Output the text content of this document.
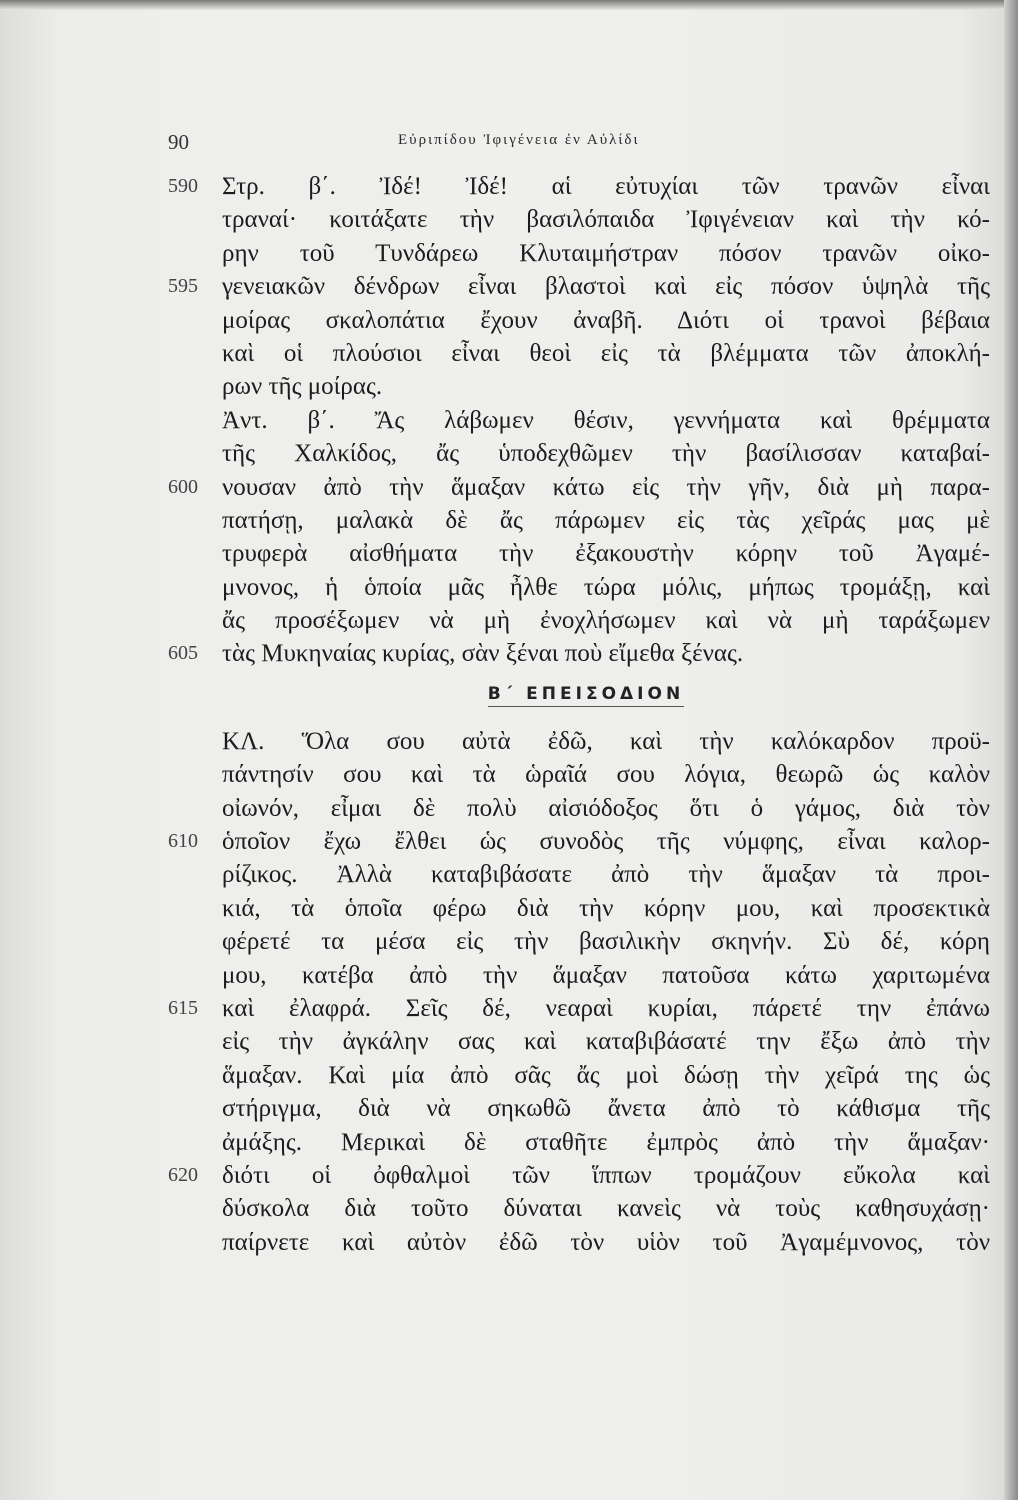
90	Εὐριπίδου Ἰφιγένεια ἐν Αὐλίδι
590 Στρ. β΄. Ἰδέ! Ἰδέ! αἱ εὐτυχίαι τῶν τρανῶν εἶναι
τραναί· κοιτάξατε τὴν βασιλόπαιδα Ἰφιγένειαν καὶ τὴν κό-
ρην τοῦ Τυνδάρεω Κλυταιμήστραν πόσον τρανῶν οἰκο-
595 γενειακῶν δένδρων εἶναι βλαστοὶ καὶ εἰς πόσον ὑψηλὰ τῆς
μοίρας σκαλοπάτια ἔχουν ἀναβῆ. Διότι οἱ τρανοὶ βέβαια
καὶ οἱ πλούσιοι εἶναι θεοὶ εἰς τὰ βλέμματα τῶν ἀποκλή-
ρων τῆς μοίρας.
Ἀντ. β΄. Ἄς λάβωμεν θέσιν, γεννήματα καὶ θρέμματα
τῆς Χαλκίδος, ἄς ὑποδεχθῶμεν τὴν βασίλισσαν καταβαί-
600 νουσαν ἀπὸ τὴν ἅμαξαν κάτω εἰς τὴν γῆν, διὰ μὴ παρα-
πατήσῃ, μαλακὰ δὲ ἄς πάρωμεν εἰς τὰς χεῖράς μας μὲ
τρυφερὰ αἰσθήματα τὴν ἐξακουστὴν κόρην τοῦ Ἀγαμέ-
μνονος, ἡ ὁποία μᾶς ἦλθε τώρα μόλις, μήπως τρομάξῃ, καὶ
ἄς προσέξωμεν νὰ μὴ ἐνοχλήσωμεν καὶ νὰ μὴ ταράξωμεν
605 τὰς Μυκηναίας κυρίας, σὰν ξέναι ποὺ εἴμεθα ξένας.
Β΄ ΕΠΕΙΣΟΔΙΟΝ
ΚΛ. Ὅλα σου αὐτὰ ἐδῶ, καὶ τὴν καλόκαρδον προϋ-
πάντησίν σου καὶ τὰ ὡραῖά σου λόγια, θεωρῶ ὡς καλὸν
οἰωνόν, εἶμαι δὲ πολὺ αἰσιόδοξος ὅτι ὁ γάμος, διὰ τὸν
610 ὁποῖον ἔχω ἔλθει ὡς συνοδὸς τῆς νύμφης, εἶναι καλορ-
ρίζικος. Ἀλλὰ καταβιβάσατε ἀπὸ τὴν ἅμαξαν τὰ προι-
κιά, τὰ ὁποῖα φέρω διὰ τὴν κόρην μου, καὶ προσεκτικὰ
φέρετέ τα μέσα εἰς τὴν βασιλικὴν σκηνήν. Σὺ δέ, κόρη
μου, κατέβα ἀπὸ τὴν ἅμαξαν πατοῦσα κάτω χαριτωμένα
615 καὶ ἐλαφρά. Σεῖς δέ, νεαραὶ κυρίαι, πάρετέ την ἐπάνω
εἰς τὴν ἀγκάλην σας καὶ καταβιβάσατέ την ἔξω ἀπὸ τὴν
ἅμαξαν. Καὶ μία ἀπὸ σᾶς ἄς μοὶ δώσῃ τὴν χεῖρά της ὡς
στήριγμα, διὰ νὰ σηκωθῶ ἄνετα ἀπὸ τὸ κάθισμα τῆς
ἀμάξης. Μερικαὶ δὲ σταθῆτε ἐμπρὸς ἀπὸ τὴν ἅμαξαν·
620 διότι οἱ ὀφθαλμοὶ τῶν ἵππων τρομάζουν εὔκολα καὶ
δύσκολα διὰ τοῦτο δύναται κανεὶς νὰ τοὺς καθησυχάσῃ·
παίρνετε καὶ αὐτὸν ἐδῶ τὸν υἱὸν τοῦ Ἀγαμέμνονος, τὸν
